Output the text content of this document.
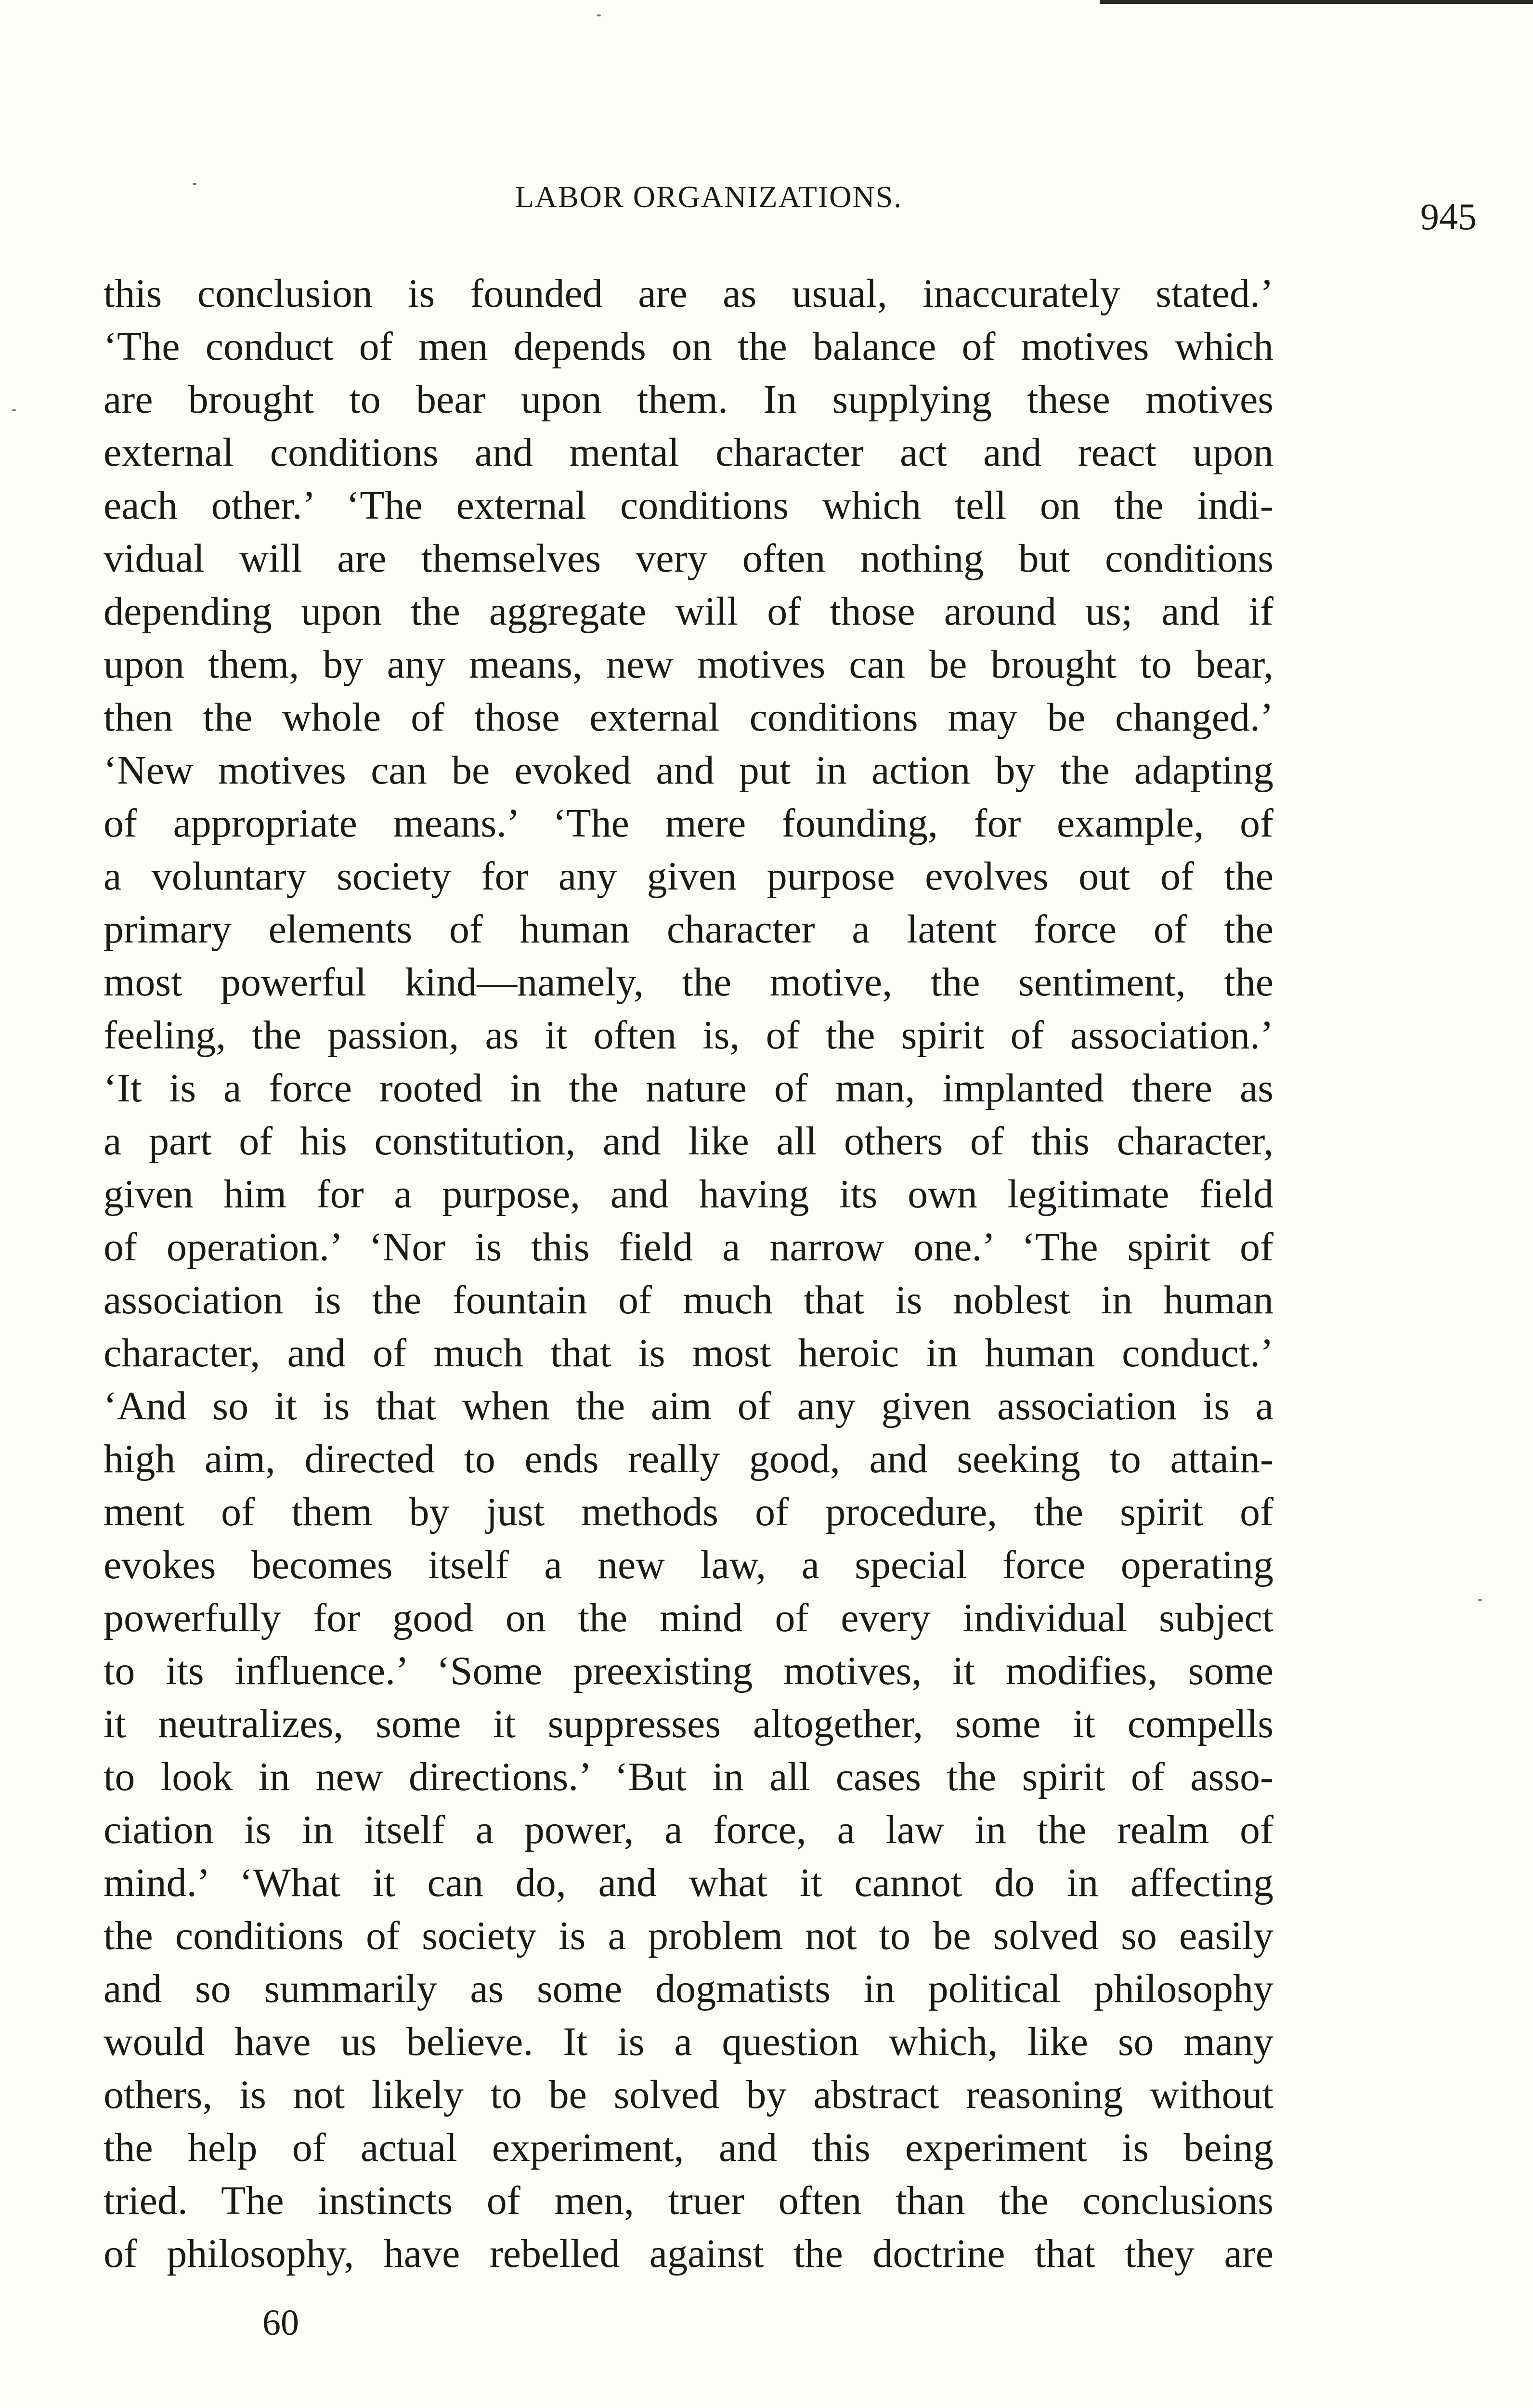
LABOR ORGANIZATIONS.	945
this conclusion is founded are as usual, inaccurately stated.’
‘The conduct of men depends on the balance of motives which
are brought to bear upon them. In supplying these motives
external conditions and mental character act and react upon
each other.’ ‘The external conditions which tell on the indi-
vidual will are themselves very often nothing but conditions
depending upon the aggregate will of those around us; and if
upon them, by any means, new motives can be brought to bear,
then the whole of those external conditions may be changed.’
‘New motives can be evoked and put in action by the adapting
of appropriate means.’ ‘The mere founding, for example, of
a voluntary society for any given purpose evolves out of the
primary elements of human character a latent force of the
most powerful kind—namely, the motive, the sentiment, the
feeling, the passion, as it often is, of the spirit of association.’
‘It is a force rooted in the nature of man, implanted there as
a part of his constitution, and like all others of this character,
given him for a purpose, and having its own legitimate field
of operation.’ ‘Nor is this field a narrow one.’ ‘The spirit of
association is the fountain of much that is noblest in human
character, and of much that is most heroic in human conduct.’
‘And so it is that when the aim of any given association is a
high aim, directed to ends really good, and seeking to attain-
ment of them by just methods of procedure, the spirit of
evokes becomes itself a new law, a special force operating
powerfully for good on the mind of every individual subject
to its influence.’ ‘Some preexisting motives, it modifies, some
it neutralizes, some it suppresses altogether, some it compells
to look in new directions.’ ‘But in all cases the spirit of asso-
ciation is in itself a power, a force, a law in the realm of
mind.’ ‘What it can do, and what it cannot do in affecting
the conditions of society is a problem not to be solved so easily
and so summarily as some dogmatists in political philosophy
would have us believe. It is a question which, like so many
others, is not likely to be solved by abstract reasoning without
the help of actual experiment, and this experiment is being
tried. The instincts of men, truer often than the conclusions
of philosophy, have rebelled against the doctrine that they are
60
